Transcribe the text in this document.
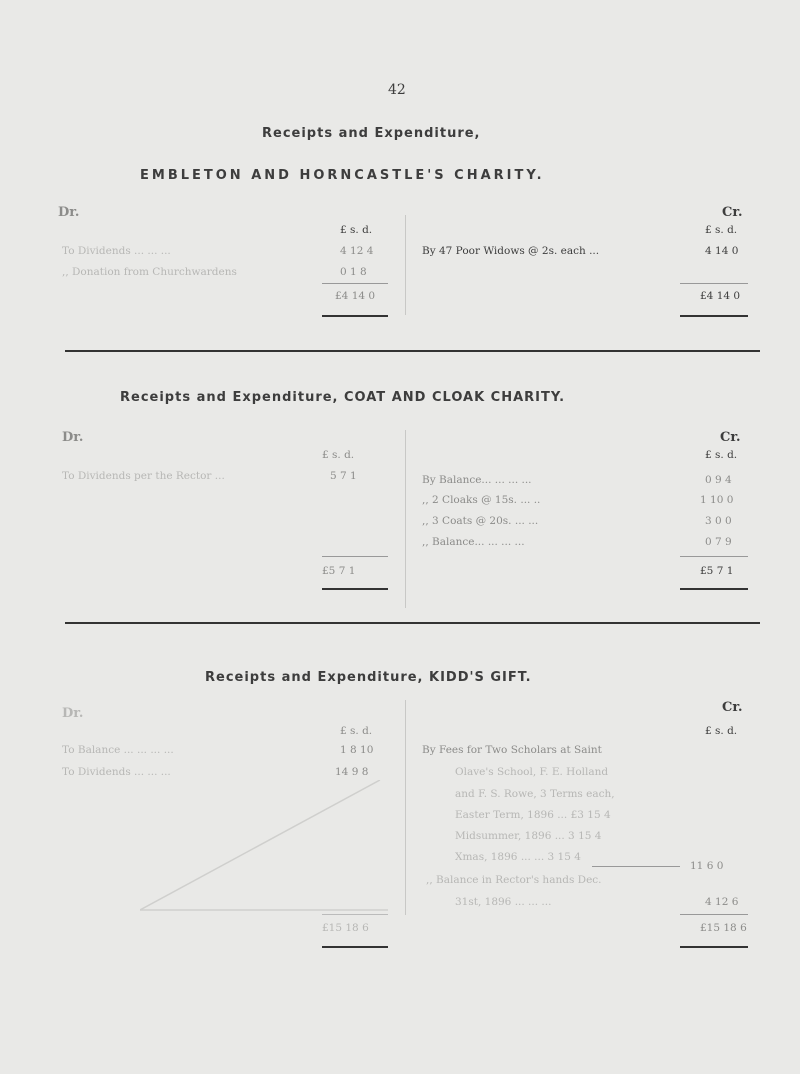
42
Receipts and Expenditure,
EMBLETON AND HORNCASTLE'S CHARITY.
Dr.	Cr.
£ s. d.	£ s. d.
To Dividends ... ... ...	4 12 4
,, Donation from Churchwardens	0 1 8
£4 14 0
By 47 Poor Widows @ 2s. each ...	4 14 0
£4 14 0
Receipts and Expenditure, COAT AND CLOAK CHARITY.
Dr.	Cr.
£ s. d.	£ s. d.
To Dividends per the Rector ...	5 7 1	By Balance... ... ... ...	0 9 4
,, 2 Cloaks @ 15s. ... ..	1 10 0
,, 3 Coats @ 20s. ... ...	3 0 0
,, Balance... ... ... ...	0 7 9
£5 7 1	£5 7 1
Receipts and Expenditure, KIDD'S GIFT.
Dr.	Cr.
£ s. d.	£ s. d.
To Balance ... ... ... ...	1 8 10
To Dividends ... ... ...	14 9 8
By Fees for Two Scholars at Saint
Olave's School, F. E. Holland
and F. S. Rowe, 3 Terms each,
Easter Term, 1896 ... £3 15 4
Midsummer, 1896 ... 3 15 4
Xmas, 1896 ... ... 3 15 4
11 6 0
,, Balance in Rector's hands Dec.
31st, 1896 ... ... ...	4 12 6
£15 18 6	£15 18 6
